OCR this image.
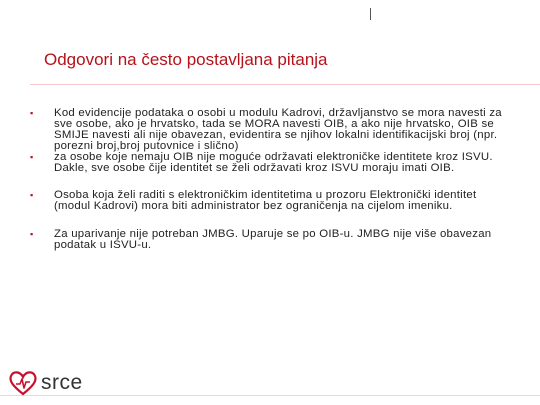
Odgovori na često postavljana pitanja
▪ Kod evidencije podataka o osobi u modulu Kadrovi, državljanstvo se mora navesti za sve osobe, ako je hrvatsko, tada se MORA navesti OIB, a ako nije hrvatsko, OIB se SMIJE navesti ali nije obavezan, evidentira se njihov lokalni identifikacijski broj (npr. porezni broj,broj putovnice i slično)
▪ za osobe koje nemaju OIB nije moguće održavati elektroničke identitete kroz ISVU. Dakle, sve osobe čije identitet se želi održavati kroz ISVU moraju imati OIB.
▪ Osoba koja želi raditi s elektroničkim identitetima u prozoru Elektronički identitet (modul Kadrovi) mora biti administrator bez ograničenja na cijelom imeniku.
▪ Za uparivanje nije potreban JMBG. Uparuje se po OIB-u. JMBG nije više obavezan podatak u ISVU-u.
srce
